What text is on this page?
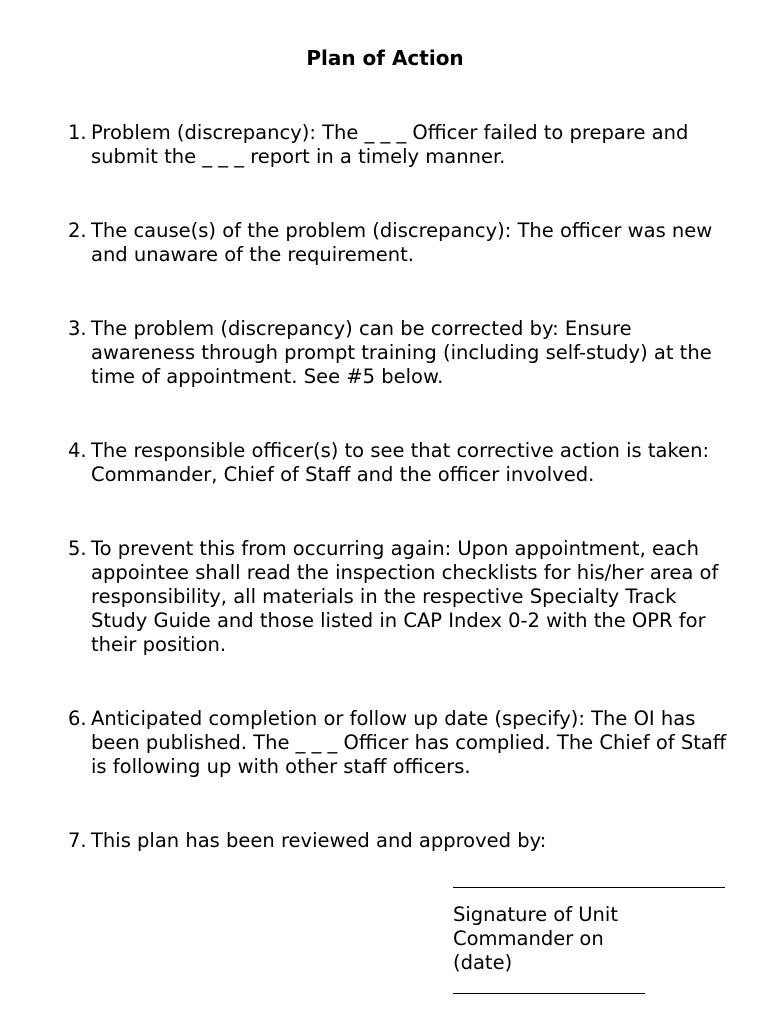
Plan of Action
1. Problem (discrepancy): The _ _ _ Officer failed to prepare and submit the _ _ _ report in a timely manner.
2. The cause(s) of the problem (discrepancy): The officer was new and unaware of the requirement.
3. The problem (discrepancy) can be corrected by: Ensure awareness through prompt training (including self-study) at the time of appointment. See #5 below.
4. The responsible officer(s) to see that corrective action is taken: Commander, Chief of Staff and the officer involved.
5. To prevent this from occurring again: Upon appointment, each appointee shall read the inspection checklists for his/her area of responsibility, all materials in the respective Specialty Track Study Guide and those listed in CAP Index 0-2 with the OPR for their position.
6. Anticipated completion or follow up date (specify): The OI has been published. The _ _ _ Officer has complied. The Chief of Staff is following up with other staff officers.
7. This plan has been reviewed and approved by:
Signature of Unit
Commander on
(date)
